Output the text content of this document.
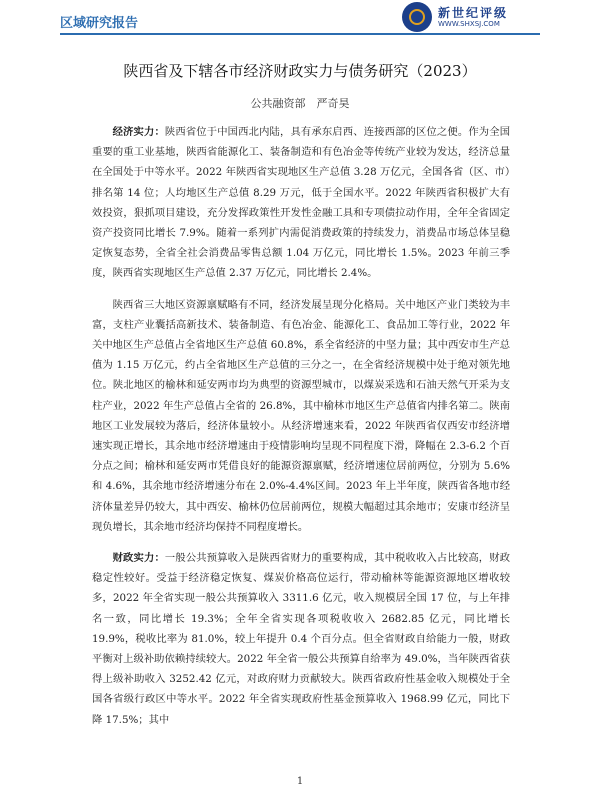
区域研究报告
新世纪评级
WWW.SHXSJ.COM
陕西省及下辖各市经济财政实力与债务研究（2023）
公共融资部　严奇昊

经济实力：陕西省位于中国西北内陆，具有承东启西、连接西部的区位之便。作为全国重要的重工业基地，陕西省能源化工、装备制造和有色冶金等传统产业较为发达，经济总量在全国处于中等水平。2022 年陕西省实现地区生产总值 3.28 万亿元，全国各省（区、市）排名第 14 位；人均地区生产总值 8.29 万元，低于全国水平。2022 年陕西省积极扩大有效投资，狠抓项目建设，充分发挥政策性开发性金融工具和专项债拉动作用，全年全省固定资产投资同比增长 7.9%。随着一系列扩内需促消费政策的持续发力，消费品市场总体呈稳定恢复态势，全省全社会消费品零售总额 1.04 万亿元，同比增长 1.5%。2023 年前三季度，陕西省实现地区生产总值 2.37 万亿元，同比增长 2.4%。

陕西省三大地区资源禀赋略有不同，经济发展呈现分化格局。关中地区产业门类较为丰富，支柱产业囊括高新技术、装备制造、有色冶金、能源化工、食品加工等行业，2022 年关中地区生产总值占全省地区生产总值 60.8%，系全省经济的中坚力量；其中西安市生产总值为 1.15 万亿元，约占全省地区生产总值的三分之一，在全省经济规模中处于绝对领先地位。陕北地区的榆林和延安两市均为典型的资源型城市，以煤炭采选和石油天然气开采为支柱产业，2022 年生产总值占全省的 26.8%，其中榆林市地区生产总值省内排名第二。陕南地区工业发展较为落后，经济体量较小。从经济增速来看，2022 年陕西省仅西安市经济增速实现正增长，其余地市经济增速由于疫情影响均呈现不同程度下滑，降幅在 2.3-6.2 个百分点之间；榆林和延安两市凭借良好的能源资源禀赋，经济增速位居前两位，分别为 5.6%和 4.6%，其余地市经济增速分布在 2.0%-4.4%区间。2023 年上半年度，陕西省各地市经济体量差异仍较大，其中西安、榆林仍位居前两位，规模大幅超过其余地市；安康市经济呈现负增长，其余地市经济均保持不同程度增长。

财政实力：一般公共预算收入是陕西省财力的重要构成，其中税收收入占比较高，财政稳定性较好。受益于经济稳定恢复、煤炭价格高位运行，带动榆林等能源资源地区增收较多，2022 年全省实现一般公共预算收入 3311.6 亿元，收入规模居全国 17 位，与上年排名一致，同比增长 19.3%；全年全省实现各项税收收入 2682.85 亿元，同比增长 19.9%，税收比率为 81.0%，较上年提升 0.4 个百分点。但全省财政自给能力一般，财政平衡对上级补助依赖持续较大。2022 年全省一般公共预算自给率为 49.0%，当年陕西省获得上级补助收入 3252.42 亿元，对政府财力贡献较大。陕西省政府性基金收入规模处于全国各省级行政区中等水平。2022 年全省实现政府性基金预算收入 1968.99 亿元，同比下降 17.5%；其中

1
